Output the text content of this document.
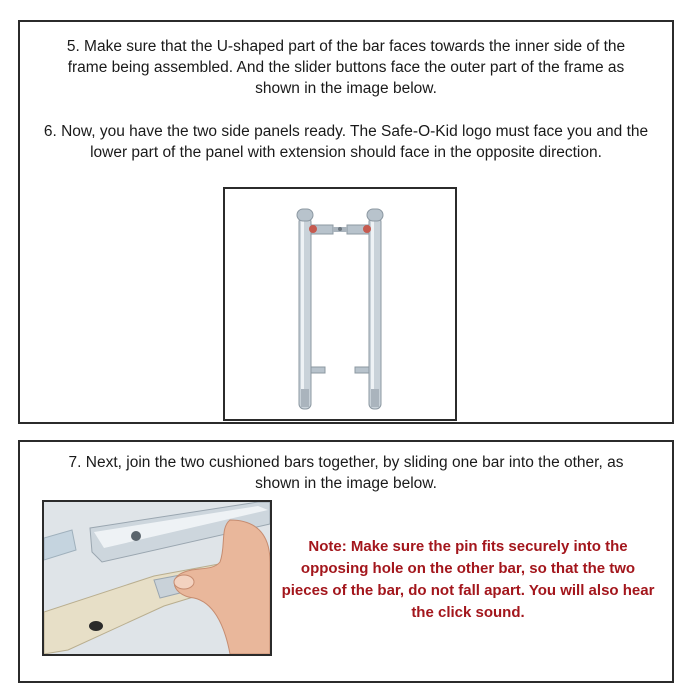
5. Make sure that the U-shaped part of the bar faces towards the inner side of the frame being assembled. And the slider buttons face the outer part of the frame as shown in the image below.

6. Now, you have the two side panels ready. The Safe-O-Kid logo must face you and the lower part of the panel with extension should face in the opposite direction.

7. Next, join the two cushioned bars together, by sliding one bar into the other, as shown in the image below.

Note: Make sure the pin fits securely into the opposing hole on the other bar, so that the two pieces of the bar, do not fall apart. You will also hear the click sound.
